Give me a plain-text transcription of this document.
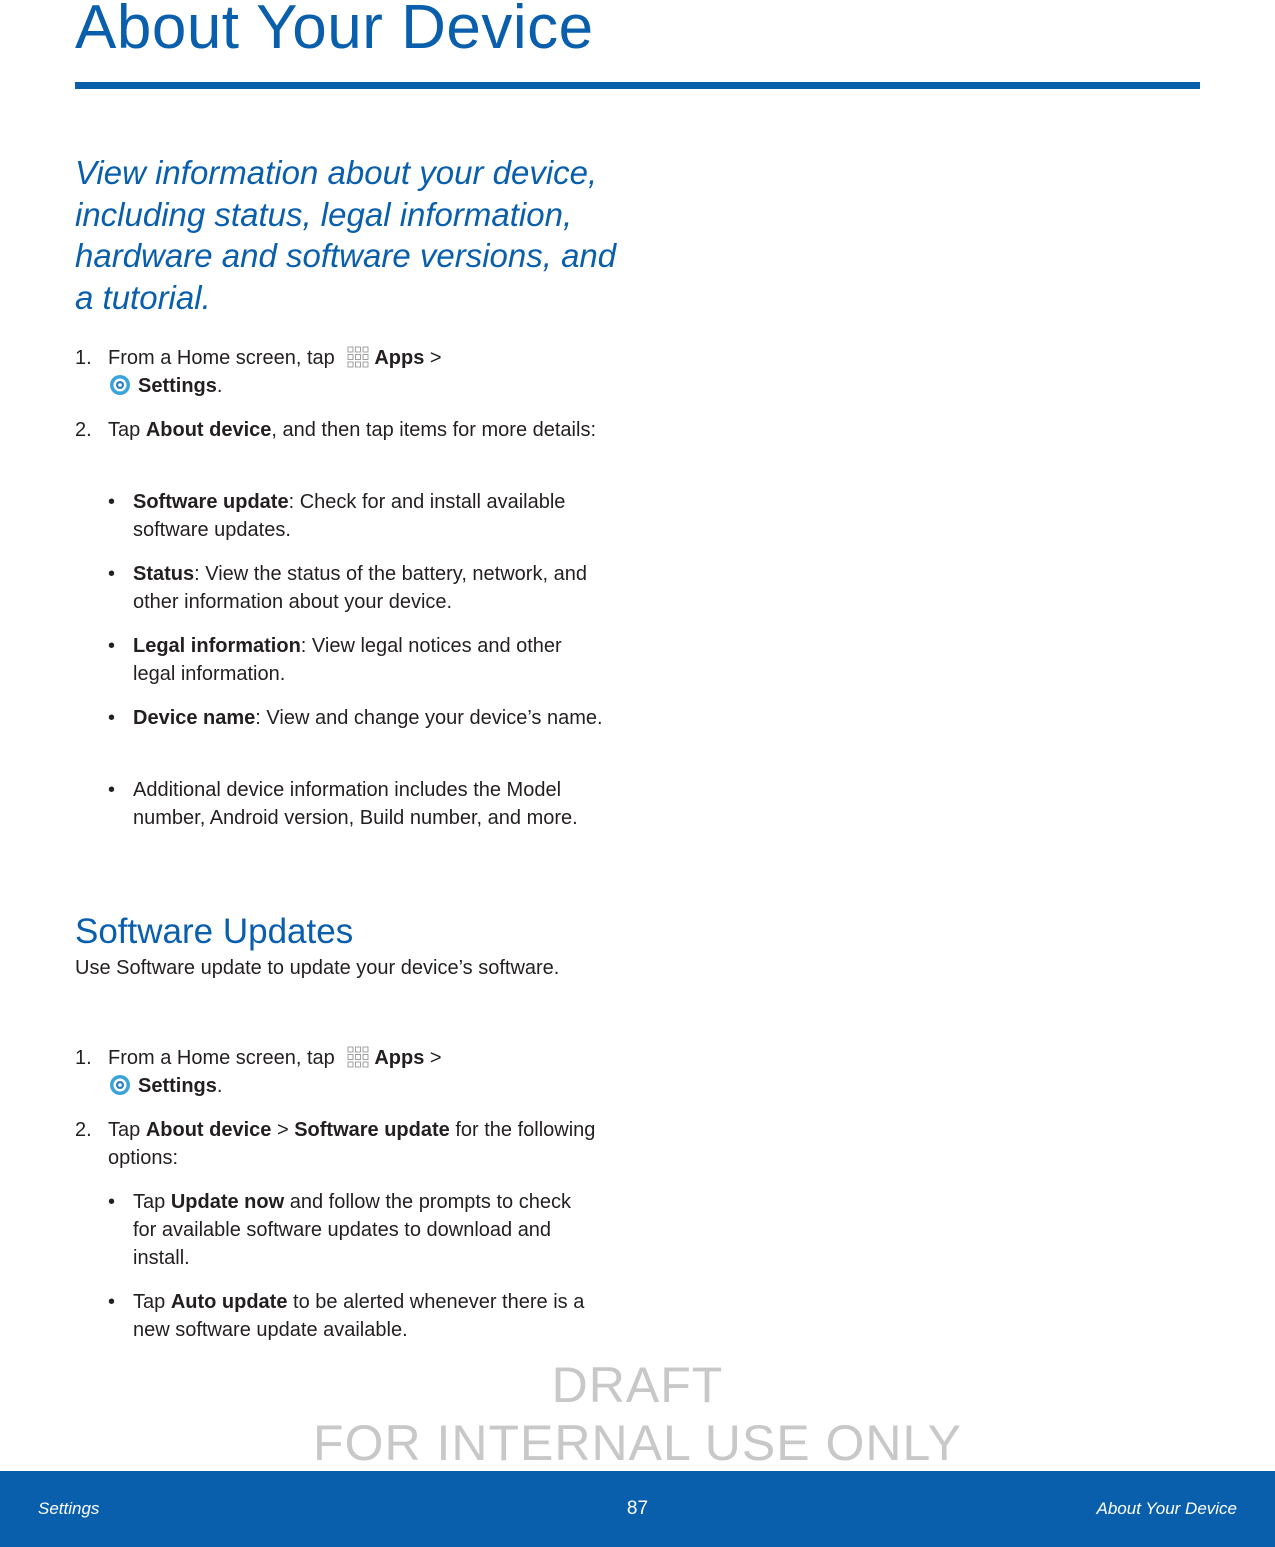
About Your Device

View information about your device, including status, legal information, hardware and software versions, and a tutorial.

1. From a Home screen, tap Apps >
Settings.
2. Tap About device, and then tap items for more details:
• Software update: Check for and install available software updates.
• Status: View the status of the battery, network, and other information about your device.
• Legal information: View legal notices and other legal information.
• Device name: View and change your device’s name.
• Additional device information includes the Model number, Android version, Build number, and more.
Software Updates

Use Software update to update your device’s software.

1. From a Home screen, tap Apps >
Settings.
2. Tap About device > Software update for the following options:
• Tap Update now and follow the prompts to check for available software updates to download and install.
• Tap Auto update to be alerted whenever there is a new software update available.
DRAFT
FOR INTERNAL USE ONLY
Settings	87	About Your Device
